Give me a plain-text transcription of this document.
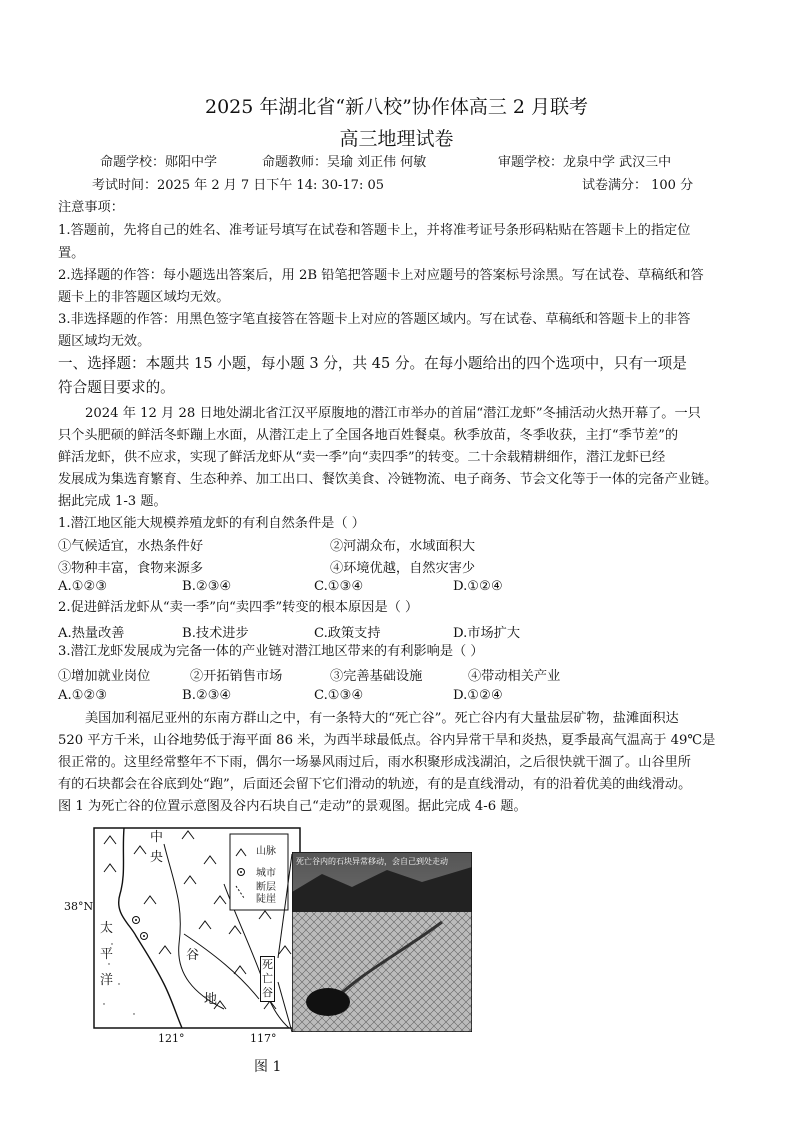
2025 年湖北省“新八校”协作体高三 2 月联考
高三地理试卷
命题学校：郧阳中学	命题教师：吴瑜 刘正伟 何敏	审题学校：龙泉中学 武汉三中
考试时间：2025 年 2 月 7 日下午 14: 30-17: 05	试卷满分： 100 分
注意事项：
1.答题前，先将自己的姓名、准考证号填写在试卷和答题卡上，并将准考证号条形码粘贴在答题卡上的指定位
置。
2.选择题的作答：每小题选出答案后，用 2B 铅笔把答题卡上对应题号的答案标号涂黑。写在试卷、草稿纸和答
题卡上的非答题区域均无效。
3.非选择题的作答：用黑色签字笔直接答在答题卡上对应的答题区域内。写在试卷、草稿纸和答题卡上的非答
题区域均无效。
一、选择题：本题共 15 小题，每小题 3 分，共 45 分。在每小题给出的四个选项中，只有一项是
符合题目要求的。
2024 年 12 月 28 日地处湖北省江汉平原腹地的潜江市举办的首届“潜江龙虾”冬捕活动火热开幕了。一只
只个头肥硕的鲜活冬虾蹦上水面，从潜江走上了全国各地百姓餐桌。秋季放苗，冬季收获，主打“季节差”的
鲜活龙虾，供不应求，实现了鲜活龙虾从“卖一季”向“卖四季”的转变。二十余载精耕细作，潜江龙虾已经
发展成为集选育繁育、生态种养、加工出口、餐饮美食、冷链物流、电子商务、节会文化等于一体的完备产业链。
据此完成 1-3 题。
1.潜江地区能大规模养殖龙虾的有利自然条件是（ ）
①气候适宜，水热条件好	②河湖众布，水域面积大
③物种丰富，食物来源多	④环境优越，自然灾害少
A.①②③	B.②③④	C.①③④	D.①②④
2.促进鲜活龙虾从“卖一季”向“卖四季”转变的根本原因是（ ）
A.热量改善	B.技术进步	C.政策支持	D.市场扩大
3.潜江龙虾发展成为完备一体的产业链对潜江地区带来的有利影响是（ ）
①增加就业岗位	②开拓销售市场	③完善基础设施	④带动相关产业
A.①②③	B.②③④	C.①③④	D.①②④
美国加利福尼亚州的东南方群山之中，有一条特大的“死亡谷”。死亡谷内有大量盐层矿物，盐滩面积达
520 平方千米，山谷地势低于海平面 86 米，为西半球最低点。谷内异常干旱和炎热，夏季最高气温高于 49℃是
很正常的。这里经常整年不下雨，偶尔一场暴风雨过后，雨水积聚形成浅湖泊，之后很快就干涸了。山谷里所
有的石块都会在谷底到处“跑”，后面还会留下它们滑动的轨迹，有的是直线滑动，有的沿着优美的曲线滑动。
图 1 为死亡谷的位置示意图及谷内石块自己“走动”的景观图。据此完成 4-6 题。
中
央
谷
地
太
平
洋
死
亡
谷
山脉
城市
断层
陡崖
38°N
121°	117°
死亡谷内的石块异常移动，会自己到处走动
图 1
